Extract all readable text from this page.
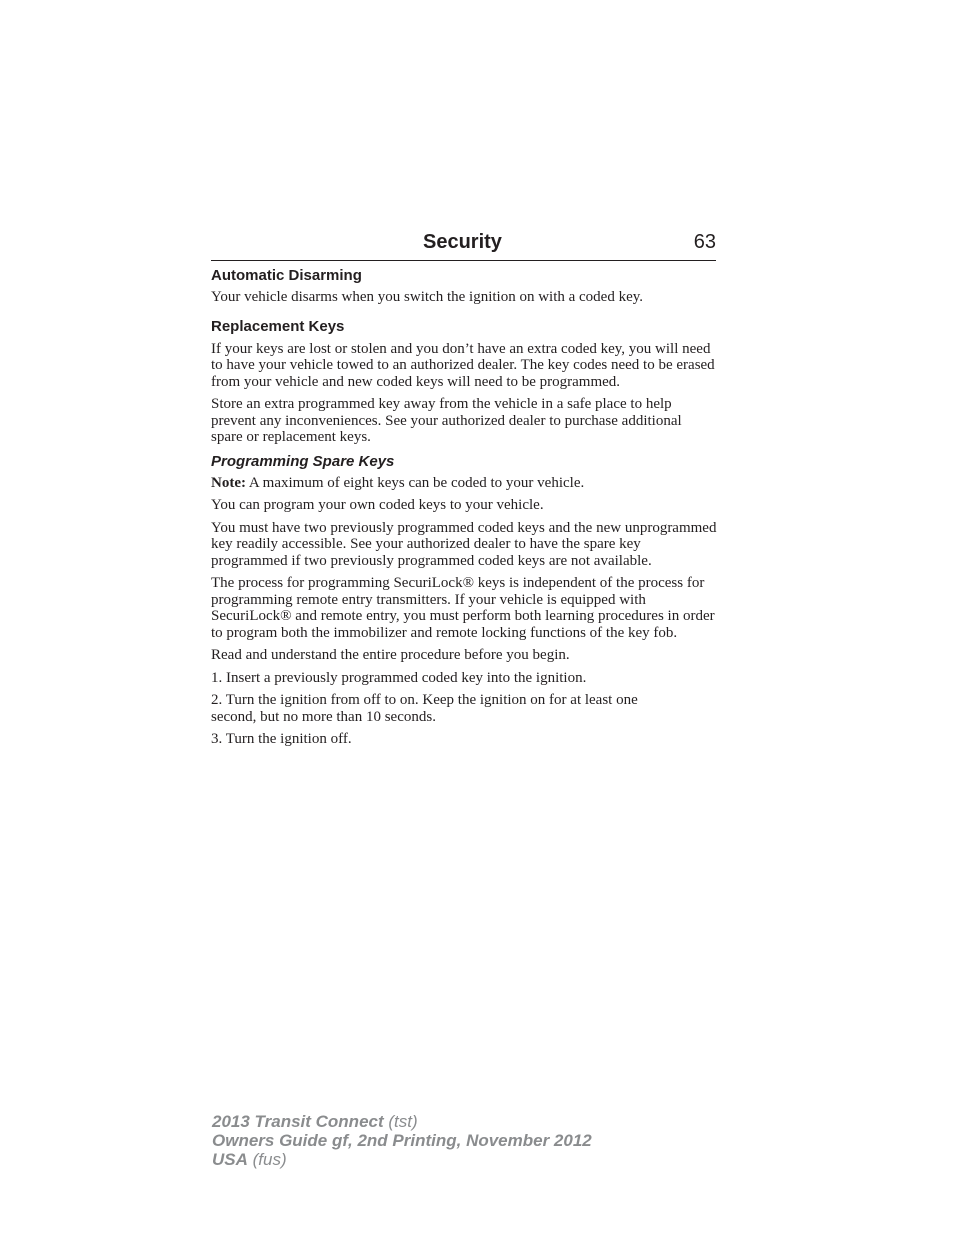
Security	63
Automatic Disarming

Your vehicle disarms when you switch the ignition on with a coded key.

Replacement Keys

If your keys are lost or stolen and you don’t have an extra coded key, you will need to have your vehicle towed to an authorized dealer. The key codes need to be erased from your vehicle and new coded keys will need to be programmed.

Store an extra programmed key away from the vehicle in a safe place to help prevent any inconveniences. See your authorized dealer to purchase additional spare or replacement keys.

Programming Spare Keys

Note: A maximum of eight keys can be coded to your vehicle.

You can program your own coded keys to your vehicle.

You must have two previously programmed coded keys and the new unprogrammed key readily accessible. See your authorized dealer to have the spare key programmed if two previously programmed coded keys are not available.

The process for programming SecuriLock® keys is independent of the process for programming remote entry transmitters. If your vehicle is equipped with SecuriLock® and remote entry, you must perform both learning procedures in order to program both the immobilizer and remote locking functions of the key fob.

Read and understand the entire procedure before you begin.

1. Insert a previously programmed coded key into the ignition.

2. Turn the ignition from off to on. Keep the ignition on for at least one second, but no more than 10 seconds.

3. Turn the ignition off.

2013 Transit Connect (tst)
Owners Guide gf, 2nd Printing, November 2012
USA (fus)
